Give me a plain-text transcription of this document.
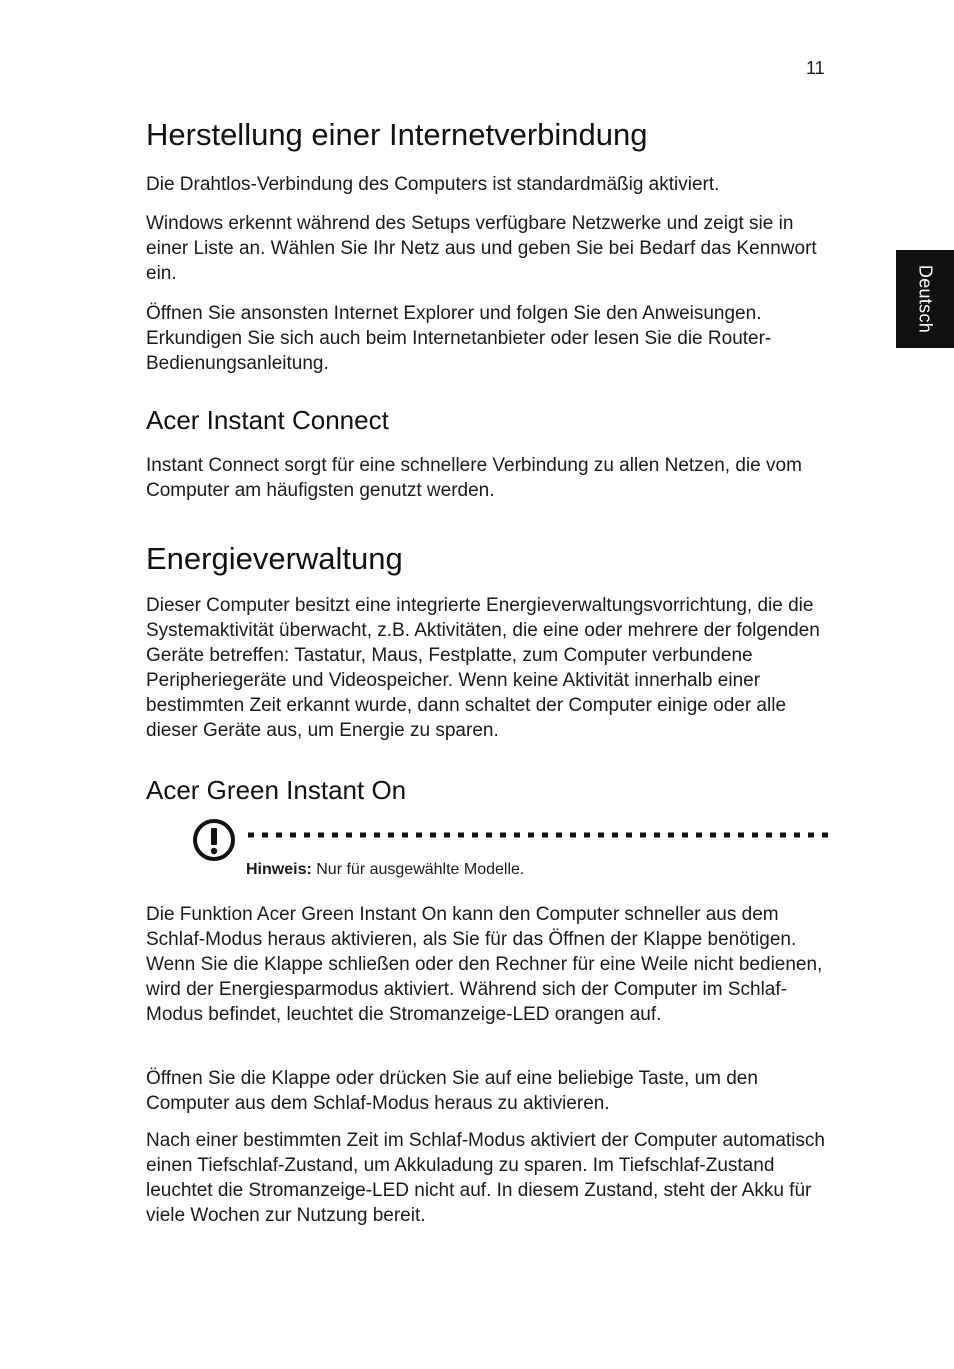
11
Deutsch
Herstellung einer Internetverbindung

Die Drahtlos-Verbindung des Computers ist standardmäßig aktiviert.

Windows erkennt während des Setups verfügbare Netzwerke und zeigt sie in einer Liste an. Wählen Sie Ihr Netz aus und geben Sie bei Bedarf das Kennwort ein.

Öffnen Sie ansonsten Internet Explorer und folgen Sie den Anweisungen. Erkundigen Sie sich auch beim Internetanbieter oder lesen Sie die Router-Bedienungsanleitung.

Acer Instant Connect

Instant Connect sorgt für eine schnellere Verbindung zu allen Netzen, die vom Computer am häufigsten genutzt werden.

Energieverwaltung

Dieser Computer besitzt eine integrierte Energieverwaltungsvorrichtung, die die Systemaktivität überwacht, z.B. Aktivitäten, die eine oder mehrere der folgenden Geräte betreffen: Tastatur, Maus, Festplatte, zum Computer verbundene Peripheriegeräte und Videospeicher. Wenn keine Aktivität innerhalb einer bestimmten Zeit erkannt wurde, dann schaltet der Computer einige oder alle dieser Geräte aus, um Energie zu sparen.

Acer Green Instant On
Hinweis: Nur für ausgewählte Modelle.

Die Funktion Acer Green Instant On kann den Computer schneller aus dem Schlaf-Modus heraus aktivieren, als Sie für das Öffnen der Klappe benötigen. Wenn Sie die Klappe schließen oder den Rechner für eine Weile nicht bedienen, wird der Energiesparmodus aktiviert. Während sich der Computer im Schlaf-Modus befindet, leuchtet die Stromanzeige-LED orangen auf.

Öffnen Sie die Klappe oder drücken Sie auf eine beliebige Taste, um den Computer aus dem Schlaf-Modus heraus zu aktivieren.

Nach einer bestimmten Zeit im Schlaf-Modus aktiviert der Computer automatisch einen Tiefschlaf-Zustand, um Akkuladung zu sparen. Im Tiefschlaf-Zustand leuchtet die Stromanzeige-LED nicht auf. In diesem Zustand, steht der Akku für viele Wochen zur Nutzung bereit.
